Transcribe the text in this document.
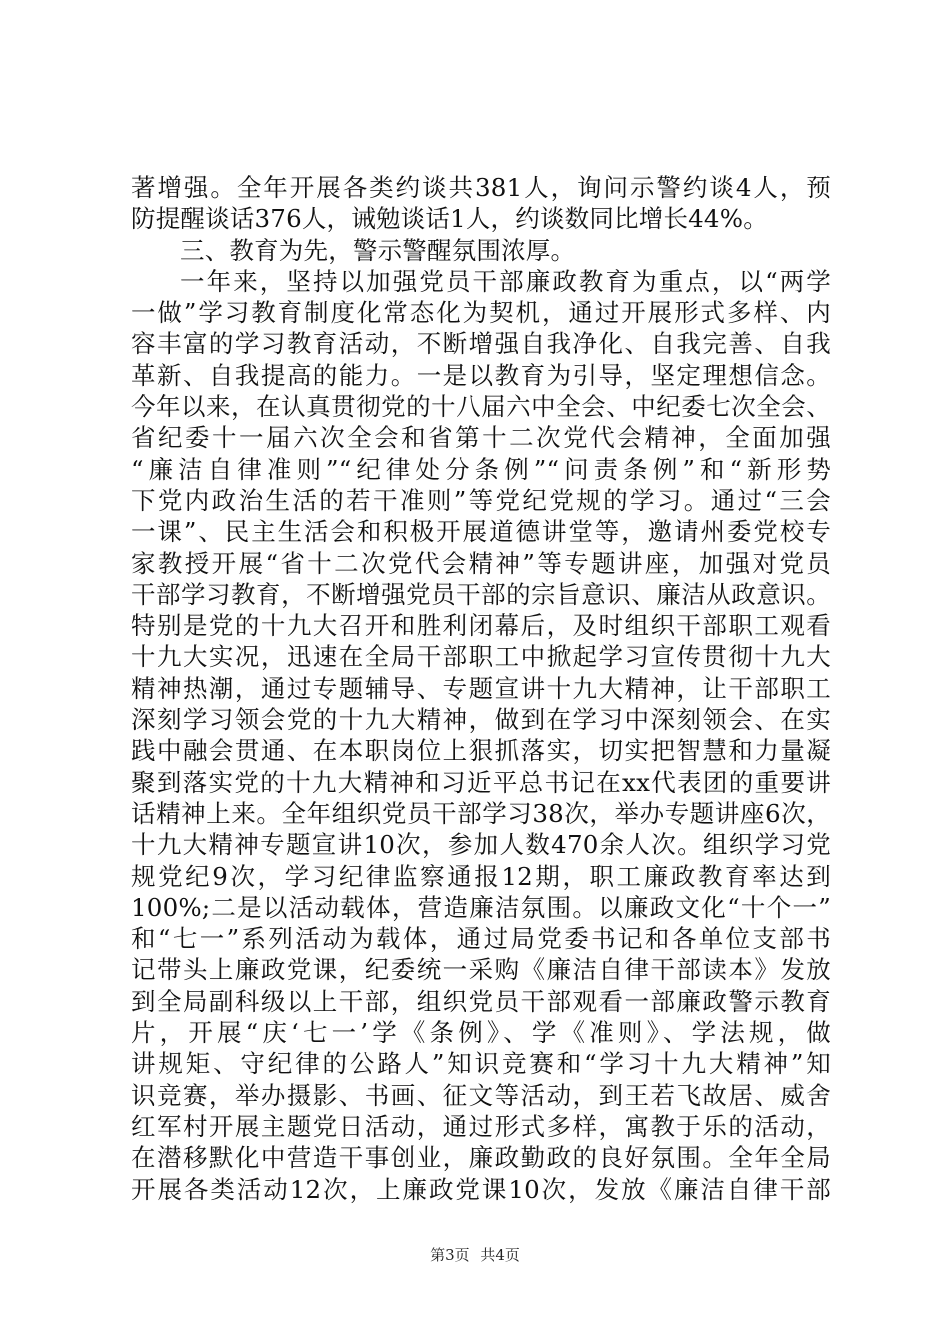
著增强。全年开展各类约谈共381人，询问示警约谈4人，预
防提醒谈话376人，诫勉谈话1人，约谈数同比增长44%。
三、教育为先，警示警醒氛围浓厚。
一年来，坚持以加强党员干部廉政教育为重点，以“两学
一做”学习教育制度化常态化为契机，通过开展形式多样、内
容丰富的学习教育活动，不断增强自我净化、自我完善、自我
革新、自我提高的能力。一是以教育为引导，坚定理想信念。
今年以来，在认真贯彻党的十八届六中全会、中纪委七次全会、
省纪委十一届六次全会和省第十二次党代会精神，全面加强
“廉洁自律准则”“纪律处分条例”“问责条例”和“新形势
下党内政治生活的若干准则”等党纪党规的学习。通过“三会
一课”、民主生活会和积极开展道德讲堂等，邀请州委党校专
家教授开展“省十二次党代会精神”等专题讲座，加强对党员
干部学习教育，不断增强党员干部的宗旨意识、廉洁从政意识。
特别是党的十九大召开和胜利闭幕后，及时组织干部职工观看
十九大实况，迅速在全局干部职工中掀起学习宣传贯彻十九大
精神热潮，通过专题辅导、专题宣讲十九大精神，让干部职工
深刻学习领会党的十九大精神，做到在学习中深刻领会、在实
践中融会贯通、在本职岗位上狠抓落实，切实把智慧和力量凝
聚到落实党的十九大精神和习近平总书记在xx代表团的重要讲
话精神上来。全年组织党员干部学习38次，举办专题讲座6次，
十九大精神专题宣讲10次，参加人数470余人次。组织学习党
规党纪9次，学习纪律监察通报12期，职工廉政教育率达到
100%;二是以活动载体，营造廉洁氛围。以廉政文化“十个一”
和“七一”系列活动为载体，通过局党委书记和各单位支部书
记带头上廉政党课，纪委统一采购《廉洁自律干部读本》发放
到全局副科级以上干部，组织党员干部观看一部廉政警示教育
片，开展“庆‘七一’学《条例》、学《准则》、学法规，做
讲规矩、守纪律的公路人”知识竞赛和“学习十九大精神”知
识竞赛，举办摄影、书画、征文等活动，到王若飞故居、威舍
红军村开展主题党日活动，通过形式多样，寓教于乐的活动，
在潜移默化中营造干事创业，廉政勤政的良好氛围。全年全局
开展各类活动12次，上廉政党课10次，发放《廉洁自律干部
第3页 共4页
